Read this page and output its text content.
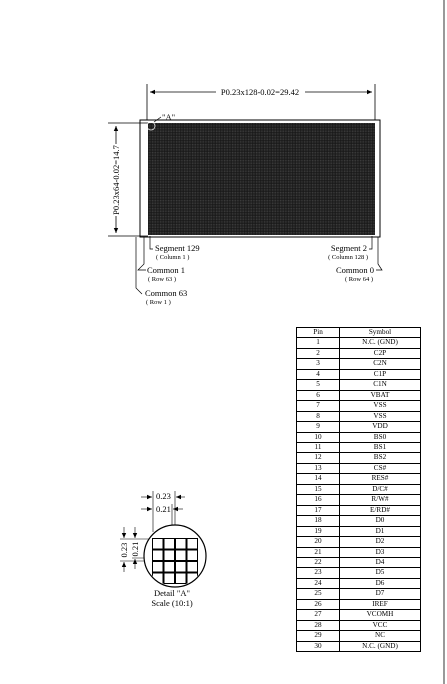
P0.23x128-0.02=29.42
P0.23x64-0.02=14.7
"A"
Segment 129
( Column 1 )
Segment 2
( Column 128 )
Common 1
( Row 63 )
Common 0
( Row 64 )
Common 63
( Row 1 )
0.23
0.21
0.23 0.21
Detail "A"
Scale (10:1)
Pin	Symbol
1	N.C. (GND)
2	C2P
3	C2N
4	C1P
5	C1N
6	VBAT
7	VSS
8	VSS
9	VDD
10	BS0
11	BS1
12	BS2
13	CS#
14	RES#
15	D/C#
16	R/W#
17	E/RD#
18	D0
19	D1
20	D2
21	D3
22	D4
23	D5
24	D6
25	D7
26	IREF
27	VCOMH
28	VCC
29	NC
30	N.C. (GND)
